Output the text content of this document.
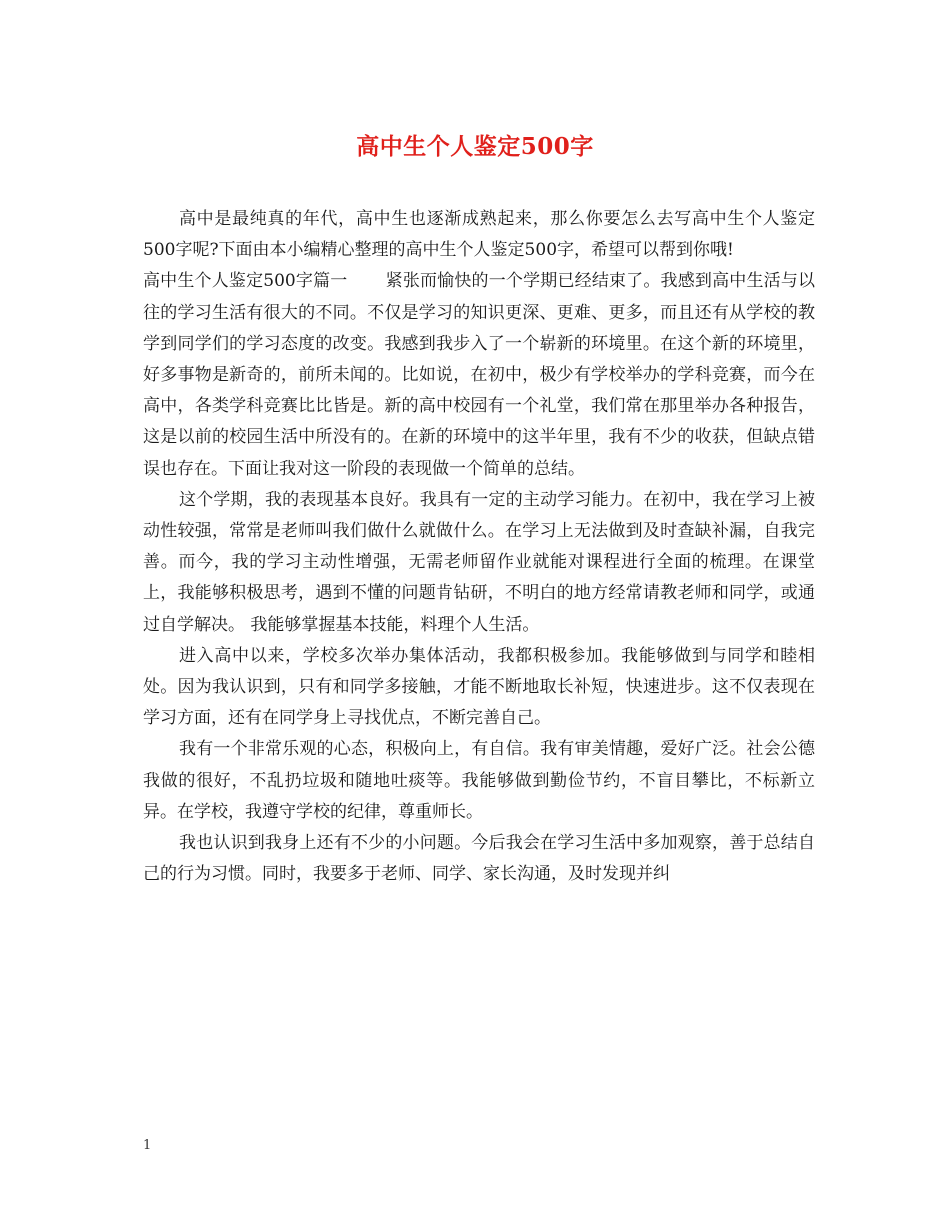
高中生个人鉴定500字

高中是最纯真的年代，高中生也逐渐成熟起来，那么你要怎么去写高中生个人鉴定500字呢?下面由本小编精心整理的高中生个人鉴定500字，希望可以帮到你哦!

高中生个人鉴定500字篇一 紧张而愉快的一个学期已经结束了。我感到高中生活与以往的学习生活有很大的不同。不仅是学习的知识更深、更难、更多，而且还有从学校的教学到同学们的学习态度的改变。我感到我步入了一个崭新的环境里。在这个新的环境里，好多事物是新奇的，前所未闻的。比如说，在初中，极少有学校举办的学科竞赛，而今在高中，各类学科竞赛比比皆是。新的高中校园有一个礼堂，我们常在那里举办各种报告，这是以前的校园生活中所没有的。在新的环境中的这半年里，我有不少的收获，但缺点错误也存在。下面让我对这一阶段的表现做一个简单的总结。

这个学期，我的表现基本良好。我具有一定的主动学习能力。在初中，我在学习上被动性较强，常常是老师叫我们做什么就做什么。在学习上无法做到及时查缺补漏，自我完善。而今，我的学习主动性增强，无需老师留作业就能对课程进行全面的梳理。在课堂上，我能够积极思考，遇到不懂的问题肯钻研，不明白的地方经常请教老师和同学，或通过自学解决。 我能够掌握基本技能，料理个人生活。

进入高中以来，学校多次举办集体活动，我都积极参加。我能够做到与同学和睦相处。因为我认识到，只有和同学多接触，才能不断地取长补短，快速进步。这不仅表现在学习方面，还有在同学身上寻找优点，不断完善自己。

我有一个非常乐观的心态，积极向上，有自信。我有审美情趣，爱好广泛。社会公德我做的很好，不乱扔垃圾和随地吐痰等。我能够做到勤俭节约，不盲目攀比，不标新立异。在学校，我遵守学校的纪律，尊重师长。

我也认识到我身上还有不少的小问题。今后我会在学习生活中多加观察，善于总结自己的行为习惯。同时，我要多于老师、同学、家长沟通，及时发现并纠

1
